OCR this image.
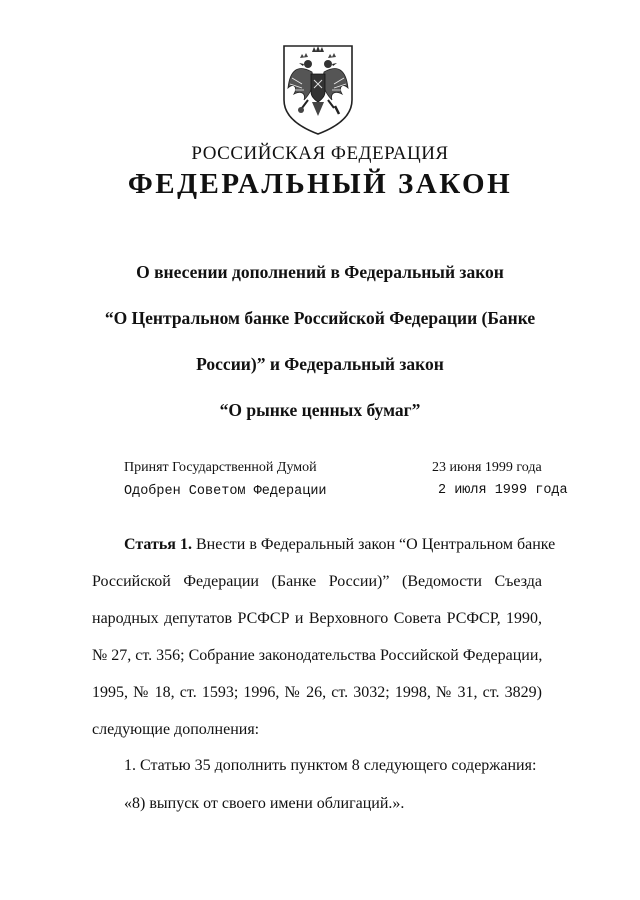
РОССИЙСКАЯ ФЕДЕРАЦИЯ
ФЕДЕРАЛЬНЫЙ ЗАКОН
О внесении дополнений в Федеральный закон
“О Центральном банке Российской Федерации (Банке
России)” и Федеральный закон
“О рынке ценных бумаг”
Принят Государственной Думой	23 июня 1999 года
Одобрен Советом Федерации	2 июля 1999 года
Статья 1. Внести в Федеральный закон “О Центральном банке
Российской Федерации (Банке России)” (Ведомости Съезда
народных депутатов РСФСР и Верховного Совета РСФСР, 1990,
№ 27, ст. 356; Собрание законодательства Российской Федерации,
1995, № 18, ст. 1593; 1996, № 26, ст. 3032; 1998, № 31, ст. 3829)
следующие дополнения:
1. Статью 35 дополнить пунктом 8 следующего содержания:
«8) выпуск от своего имени облигаций.».
